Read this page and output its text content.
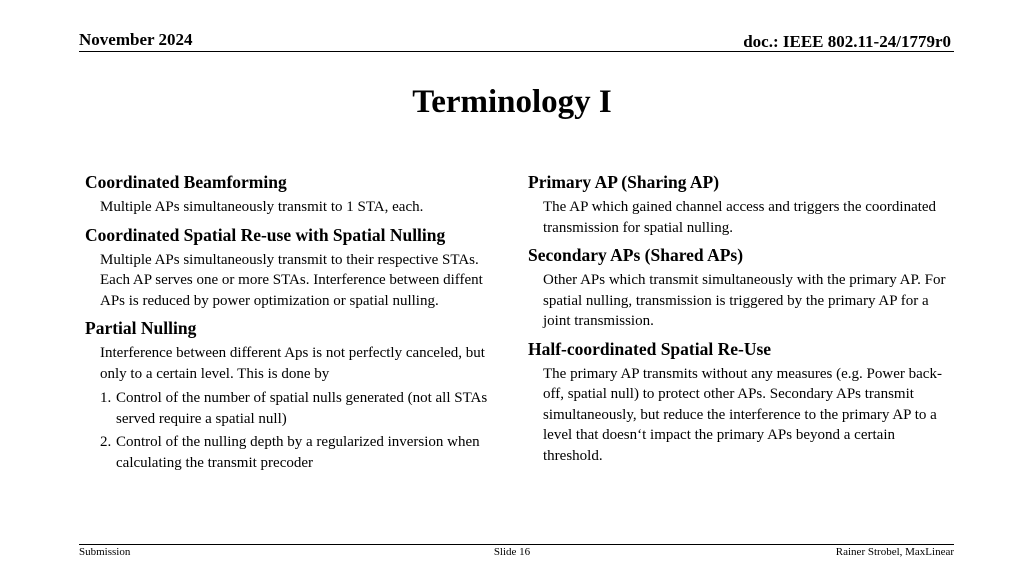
November 2024	doc.: IEEE 802.11-24/1779r0
Terminology I

Coordinated Beamforming

Multiple APs simultaneously transmit to 1 STA, each.

Coordinated Spatial Re-use with Spatial Nulling

Multiple APs simultaneously transmit to their respective STAs. Each AP serves one or more STAs. Interference between diffent APs is reduced by power optimization or spatial nulling.

Partial Nulling

Interference between different Aps is not perfectly canceled, but only to a certain level. This is done by

1. Control of the number of spatial nulls generated (not all STAs served require a spatial null)
2. Control of the nulling depth by a regularized inversion when calculating the transmit precoder

Primary AP (Sharing AP)

The AP which gained channel access and triggers the coordinated transmission for spatial nulling.

Secondary APs (Shared APs)

Other APs which transmit simultaneously with the primary AP. For spatial nulling, transmission is triggered by the primary AP for a joint transmission.

Half-coordinated Spatial Re-Use

The primary AP transmits without any measures (e.g. Power back-off, spatial null) to protect other APs. Secondary APs transmit simultaneously, but reduce the interference to the primary AP to a level that doesn‘t impact the primary APs beyond a certain threshold.

Submission	Slide 16	Rainer Strobel, MaxLinear
